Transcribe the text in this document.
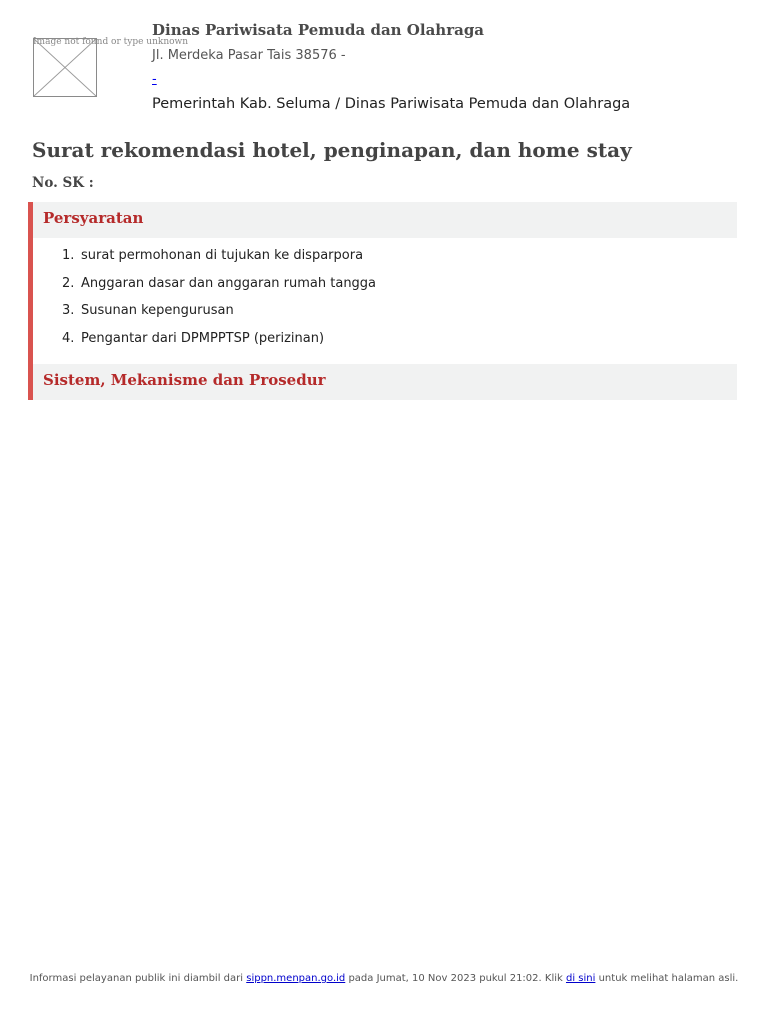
Image not found or type unknown
Dinas Pariwisata Pemuda dan Olahraga
Jl. Merdeka Pasar Tais 38576 -
-
Pemerintah Kab. Seluma / Dinas Pariwisata Pemuda dan Olahraga
Surat rekomendasi hotel, penginapan, dan home stay
No. SK :
Persyaratan
1. surat permohonan di tujukan ke disparpora
2. Anggaran dasar dan anggaran rumah tangga
3. Susunan kepengurusan
4. Pengantar dari DPMPPTSP (perizinan)
Sistem, Mekanisme dan Prosedur
Informasi pelayanan publik ini diambil dari sippn.menpan.go.id pada Jumat, 10 Nov 2023 pukul 21:02. Klik di sini untuk melihat halaman asli.
